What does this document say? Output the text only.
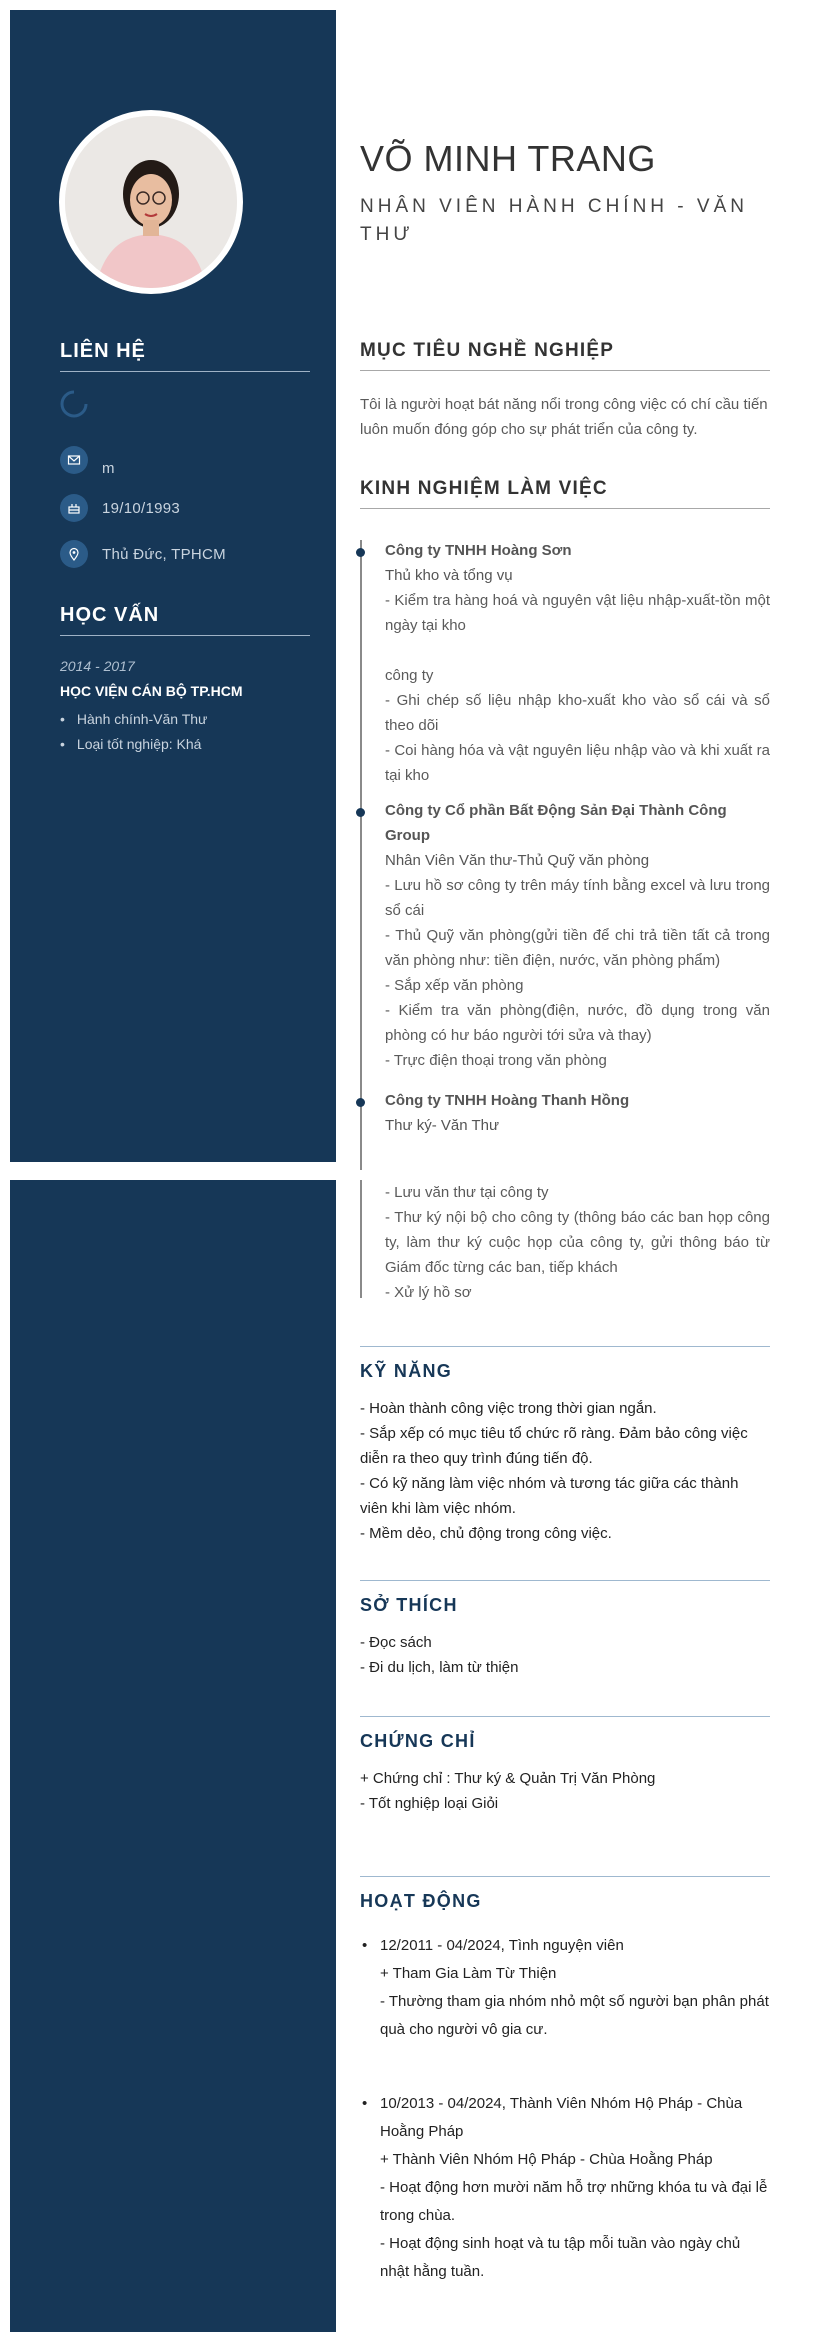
LIÊN HỆ
m
19/10/1993
Thủ Đức, TPHCM
HỌC VẤN
2014 - 2017
HỌC VIỆN CÁN BỘ TP.HCM
• Hành chính-Văn Thư
• Loại tốt nghiệp: Khá
VÕ MINH TRANG
NHÂN VIÊN HÀNH CHÍNH - VĂN THƯ
MỤC TIÊU NGHỀ NGHIỆP
Tôi là người hoạt bát năng nổi trong công việc có chí cầu tiến luôn muốn đóng góp cho sự phát triển của công ty.
KINH NGHIỆM LÀM VIỆC
Công ty TNHH Hoàng Sơn
Thủ kho và tổng vụ
- Kiểm tra hàng hoá và nguyên vật liệu nhập-xuất-tồn một ngày tại kho

công ty
- Ghi chép số liệu nhập kho-xuất kho vào sổ cái và sổ theo dõi
- Coi hàng hóa và vật nguyên liệu nhập vào và khi xuất ra tại kho
Công ty Cổ phần Bất Động Sản Đại Thành Công Group
Nhân Viên Văn thư-Thủ Quỹ văn phòng
- Lưu hồ sơ công ty trên máy tính bằng excel và lưu trong sổ cái
- Thủ Quỹ văn phòng(gửi tiền để chi trả tiền tất cả trong văn phòng như: tiền điện, nước, văn phòng phẩm)
- Sắp xếp văn phòng
- Kiểm tra văn phòng(điện, nước, đồ dụng trong văn phòng có hư báo người tới sửa và thay)
- Trực điện thoại trong văn phòng
Công ty TNHH Hoàng Thanh Hồng
Thư ký- Văn Thư
- Lưu văn thư tại công ty
- Thư ký nội bộ cho công ty (thông báo các ban họp công ty, làm thư ký cuộc họp của công ty, gửi thông báo từ Giám đốc từng các ban, tiếp khách
- Xử lý hồ sơ
KỸ NĂNG
- Hoàn thành công việc trong thời gian ngắn.
- Sắp xếp có mục tiêu tổ chức rõ ràng. Đảm bảo công việc diễn ra theo quy trình đúng tiến độ.
- Có kỹ năng làm việc nhóm và tương tác giữa các thành viên khi làm việc nhóm.
- Mềm dẻo, chủ động trong công việc.
SỞ THÍCH
- Đọc sách
- Đi du lịch, làm từ thiện
CHỨNG CHỈ
+ Chứng chỉ : Thư ký & Quản Trị Văn Phòng
- Tốt nghiệp loại Giỏi
HOẠT ĐỘNG
• 12/2011 - 04/2024, Tình nguyện viên
+ Tham Gia Làm Từ Thiện
- Thường tham gia nhóm nhỏ một số người bạn phân phát quà cho người vô gia cư.
• 10/2013 - 04/2024, Thành Viên Nhóm Hộ Pháp - Chùa Hoằng Pháp
+ Thành Viên Nhóm Hộ Pháp - Chùa Hoằng Pháp
- Hoạt động hơn mười năm hỗ trợ những khóa tu và đại lễ trong chùa.
- Hoạt động sinh hoạt và tu tập mỗi tuần vào ngày chủ nhật hằng tuần.
